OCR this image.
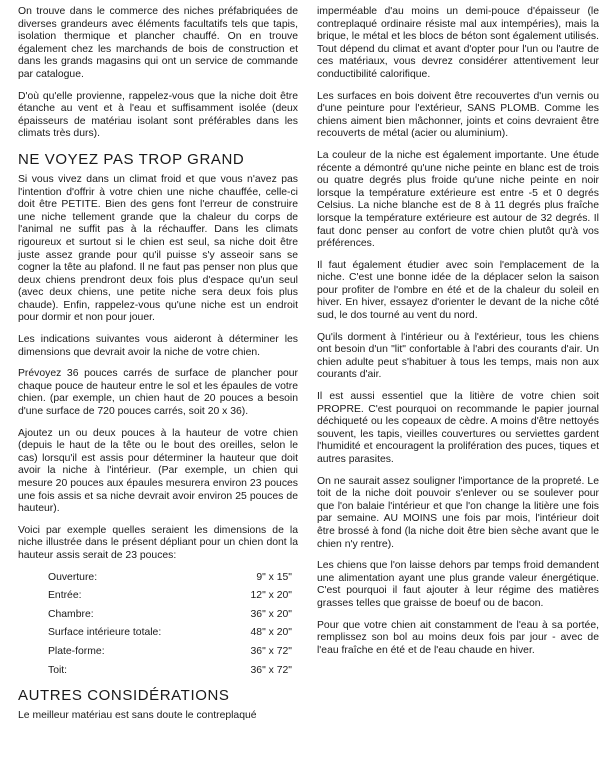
On trouve dans le commerce des niches préfabriquées de diverses grandeurs avec éléments facultatifs tels que tapis, isolation thermique et plancher chauffé. On en trouve également chez les marchands de bois de construction et dans les grands magasins qui ont un service de commande par catalogue.

D'où qu'elle provienne, rappelez-vous que la niche doit être étanche au vent et à l'eau et suffisamment isolée (deux épaisseurs de matériau isolant sont préférables dans les climats très durs).

NE VOYEZ PAS TROP GRAND

Si vous vivez dans un climat froid et que vous n'avez pas l'intention d'offrir à votre chien une niche chauffée, celle-ci doit être PETITE. Bien des gens font l'erreur de construire une niche tellement grande que la chaleur du corps de l'animal ne suffit pas à la réchauffer. Dans les climats rigoureux et surtout si le chien est seul, sa niche doit être juste assez grande pour qu'il puisse s'y asseoir sans se cogner la tête au plafond. Il ne faut pas penser non plus que deux chiens prendront deux fois plus d'espace qu'un seul (avec deux chiens, une petite niche sera deux fois plus chaude). Enfin, rappelez-vous qu'une niche est un endroit pour dormir et non pour jouer.

Les indications suivantes vous aideront à déterminer les dimensions que devrait avoir la niche de votre chien.

Prévoyez 36 pouces carrés de surface de plancher pour chaque pouce de hauteur entre le sol et les épaules de votre chien. (par exemple, un chien haut de 20 pouces a besoin d'une surface de 720 pouces carrés, soit 20 x 36).

Ajoutez un ou deux pouces à la hauteur de votre chien (depuis le haut de la tête ou le bout des oreilles, selon le cas) lorsqu'il est assis pour déterminer la hauteur que doit avoir la niche à l'intérieur. (Par exemple, un chien qui mesure 20 pouces aux épaules mesurera environ 23 pouces une fois assis et sa niche devrait avoir environ 25 pouces de hauteur).

Voici par exemple quelles seraient les dimensions de la niche illustrée dans le présent dépliant pour un chien dont la hauteur assis serait de 23 pouces:

Ouverture:	9" x 15"
Entrée:	12" x 20"
Chambre:	36" x 20"
Surface intérieure totale:	48" x 20"
Plate-forme:	36" x 72"
Toit:	36" x 72"
AUTRES CONSIDÉRATIONS

Le meilleur matériau est sans doute le contreplaqué

imperméable d'au moins un demi-pouce d'épaisseur (le contreplaqué ordinaire résiste mal aux intempéries), mais la brique, le métal et les blocs de béton sont également utilisés. Tout dépend du climat et avant d'opter pour l'un ou l'autre de ces matériaux, vous devrez considérer attentivement leur conductibilité calorifique.

Les surfaces en bois doivent être recouvertes d'un vernis ou d'une peinture pour l'extérieur, SANS PLOMB. Comme les chiens aiment bien mâchonner, joints et coins devraient être recouverts de métal (acier ou aluminium).

La couleur de la niche est également importante. Une étude récente a démontré qu'une niche peinte en blanc est de trois ou quatre degrés plus froide qu'une niche peinte en noir lorsque la température extérieure est entre -5 et 0 degrés Celsius. La niche blanche est de 8 à 11 degrés plus fraîche lorsque la température extérieure est autour de 32 degrés. Il faut donc penser au confort de votre chien plutôt qu'à vos préférences.

Il faut également étudier avec soin l'emplacement de la niche. C'est une bonne idée de la déplacer selon la saison pour profiter de l'ombre en été et de la chaleur du soleil en hiver. En hiver, essayez d'orienter le devant de la niche côté sud, le dos tourné au vent du nord.

Qu'ils dorment à l'intérieur ou à l'extérieur, tous les chiens ont besoin d'un "lit" confortable à l'abri des courants d'air. Un chien adulte peut s'habituer à tous les temps, mais non aux courants d'air.

Il est aussi essentiel que la litière de votre chien soit PROPRE. C'est pourquoi on recommande le papier journal déchiqueté ou les copeaux de cèdre. A moins d'être nettoyés souvent, les tapis, vieilles couvertures ou serviettes gardent l'humidité et encouragent la prolifération des puces, tiques et autres parasites.

On ne saurait assez souligner l'importance de la propreté. Le toit de la niche doit pouvoir s'enlever ou se soulever pour que l'on balaie l'intérieur et que l'on change la litière une fois par semaine. AU MOINS une fois par mois, l'intérieur doit être brossé à fond (la niche doit être bien sèche avant que le chien n'y rentre).

Les chiens que l'on laisse dehors par temps froid demandent une alimentation ayant une plus grande valeur énergétique. C'est pourquoi il faut ajouter à leur régime des matières grasses telles que graisse de boeuf ou de bacon.

Pour que votre chien ait constamment de l'eau à sa portée, remplissez son bol au moins deux fois par jour - avec de l'eau fraîche en été et de l'eau chaude en hiver.
